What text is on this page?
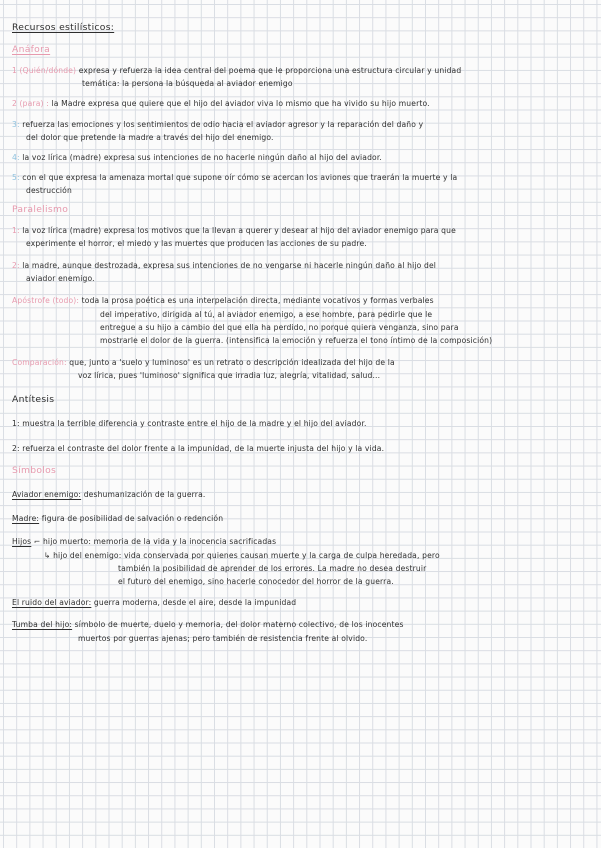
Recursos estilísticos:
Anáfora
1 (Quién/dónde) expresa y refuerza la idea central del poema que le proporciona una estructura circular y unidad
temática: la persona la búsqueda al aviador enemigo
2 (para) : la Madre expresa que quiere que el hijo del aviador viva lo mismo que ha vivido su hijo muerto.
3: refuerza las emociones y los sentimientos de odio hacia el aviador agresor y la reparación del daño y
del dolor que pretende la madre a través del hijo del enemigo.
4: la voz lírica (madre) expresa sus intenciones de no hacerle ningún daño al hijo del aviador.
5: con el que expresa la amenaza mortal que supone oír cómo se acercan los aviones que traerán la muerte y la
destrucción
Paralelismo
1: la voz lírica (madre) expresa los motivos que la llevan a querer y desear al hijo del aviador enemigo para que
experimente el horror, el miedo y las muertes que producen las acciones de su padre.
2: la madre, aunque destrozada, expresa sus intenciones de no vengarse ni hacerle ningún daño al hijo del
aviador enemigo.
Apóstrofe (todo): toda la prosa poética es una interpelación directa, mediante vocativos y formas verbales
del imperativo, dirigida al tú, al aviador enemigo, a ese hombre, para pedirle que le
entregue a su hijo a cambio del que ella ha perdido, no porque quiera venganza, sino para
mostrarle el dolor de la guerra. (intensifica la emoción y refuerza el tono íntimo de la composición)
Comparación: que, junto a 'suelo y luminoso' es un retrato o descripción idealizada del hijo de la
voz lírica, pues 'luminoso' significa que irradia luz, alegría, vitalidad, salud...
Antítesis
1: muestra la terrible diferencia y contraste entre el hijo de la madre y el hijo del aviador.
2: refuerza el contraste del dolor frente a la impunidad, de la muerte injusta del hijo y la vida.
Símbolos
Aviador enemigo: deshumanización de la guerra.
Madre: figura de posibilidad de salvación o redención
Hijos ⌐ hijo muerto: memoria de la vida y la inocencia sacrificadas
↳ hijo del enemigo: vida conservada por quienes causan muerte y la carga de culpa heredada, pero
también la posibilidad de aprender de los errores. La madre no desea destruir
el futuro del enemigo, sino hacerle conocedor del horror de la guerra.
El ruido del aviador: guerra moderna, desde el aire, desde la impunidad
Tumba del hijo: símbolo de muerte, duelo y memoria, del dolor materno colectivo, de los inocentes
muertos por guerras ajenas; pero también de resistencia frente al olvido.
